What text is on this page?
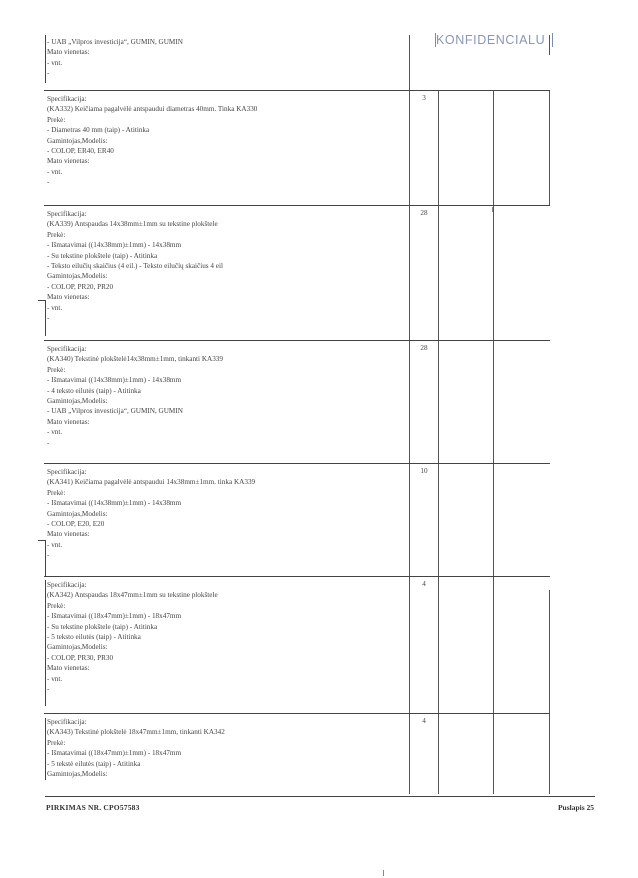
KONFIDENCIALU
- UAB „Vilpros investicija“, GUMIN, GUMIN
Mato vienetas:
- vnt.
-
Specifikacija:
(KA332) Keičiama pagalvėlė antspaudui diametras 40mm. Tinka KA330
Prekė:
- Diametras 40 mm (taip) - Atitinka
Gamintojas,Modelis:
- COLOP, ER40, ER40
Mato vienetas:
- vnt.
-
3
Specifikacija:
(KA339) Antspaudas 14x38mm±1mm su tekstine plokštele
Prekė:
- Išmatavimai ((14x38mm)±1mm) - 14x38mm
- Su tekstine plokštele (taip) - Atitinka
- Teksto eilučių skaičius (4 eil.) - Teksto eilučių skaičius 4 eil
Gamintojas,Modelis:
- COLOP, PR20, PR20
Mato vienetas:
- vnt.
-
28
Specifikacija:
(KA340) Tekstinė plokštelė14x38mm±1mm, tinkanti KA339
Prekė:
- Išmatavimai ((14x38mm)±1mm) - 14x38mm
- 4 teksto eilutės (taip) - Atitinka
Gamintojas,Modelis:
- UAB „Vilpros investicija“, GUMIN, GUMIN
Mato vienetas:
- vnt.
-
28
Specifikacija:
(KA341) Keičiama pagalvėlė antspaudui 14x38mm±1mm. tinka KA339
Prekė:
- Išmatavimai ((14x38mm)±1mm) - 14x38mm
Gamintojas,Modelis:
- COLOP, E20, E20
Mato vienetas:
- vnt.
-
10
Specifikacija:
(KA342) Antspaudas 18x47mm±1mm su tekstine plokštele
Prekė:
- Išmatavimai ((18x47mm)±1mm) - 18x47mm
- Su tekstine plokštele (taip) - Atitinka
- 5 teksto eilutės (taip) - Atitinka
Gamintojas,Modelis:
- COLOP, PR30, PR30
Mato vienetas:
- vnt.
-
4
Specifikacija:
(KA343) Tekstinė plokštelė 18x47mm±1mm, tinkanti KA342
Prekė:
- Išmatavimai ((18x47mm)±1mm) - 18x47mm
- 5 tekstė eilutės (taip) - Atitinka
Gamintojas,Modelis:
4
PIRKIMAS NR. CPO57583	Puslapis 25
